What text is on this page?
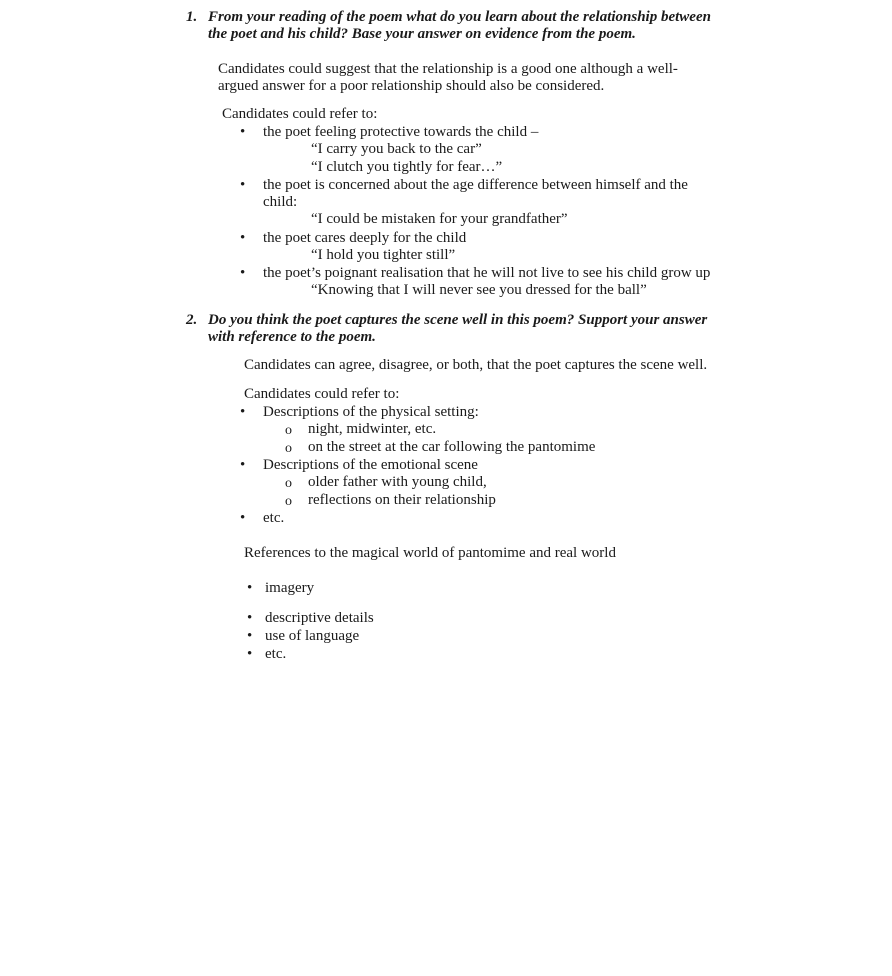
1. From your reading of the poem what do you learn about the relationship between
the poet and his child? Base your answer on evidence from the poem.
Candidates could suggest that the relationship is a good one although a well-
argued answer for a poor relationship should also be considered.
Candidates could refer to:
•
the poet feeling protective towards the child –
“I carry you back to the car”
“I clutch you tightly for fear…”
•
the poet is concerned about the age difference between himself and the
child:
“I could be mistaken for your grandfather”
•
the poet cares deeply for the child
“I hold you tighter still”
•
the poet’s poignant realisation that he will not live to see his child grow up
“Knowing that I will never see you dressed for the ball”
2. Do you think the poet captures the scene well in this poem? Support your answer
with reference to the poem.
Candidates can agree, disagree, or both, that the poet captures the scene well.
Candidates could refer to:
•
Descriptions of the physical setting:
o
night, midwinter, etc.
o
on the street at the car following the pantomime
•
Descriptions of the emotional scene
o
older father with young child,
o
reflections on their relationship
•
etc.
References to the magical world of pantomime and real world
•
imagery
•
descriptive details
•
use of language
•
etc.
